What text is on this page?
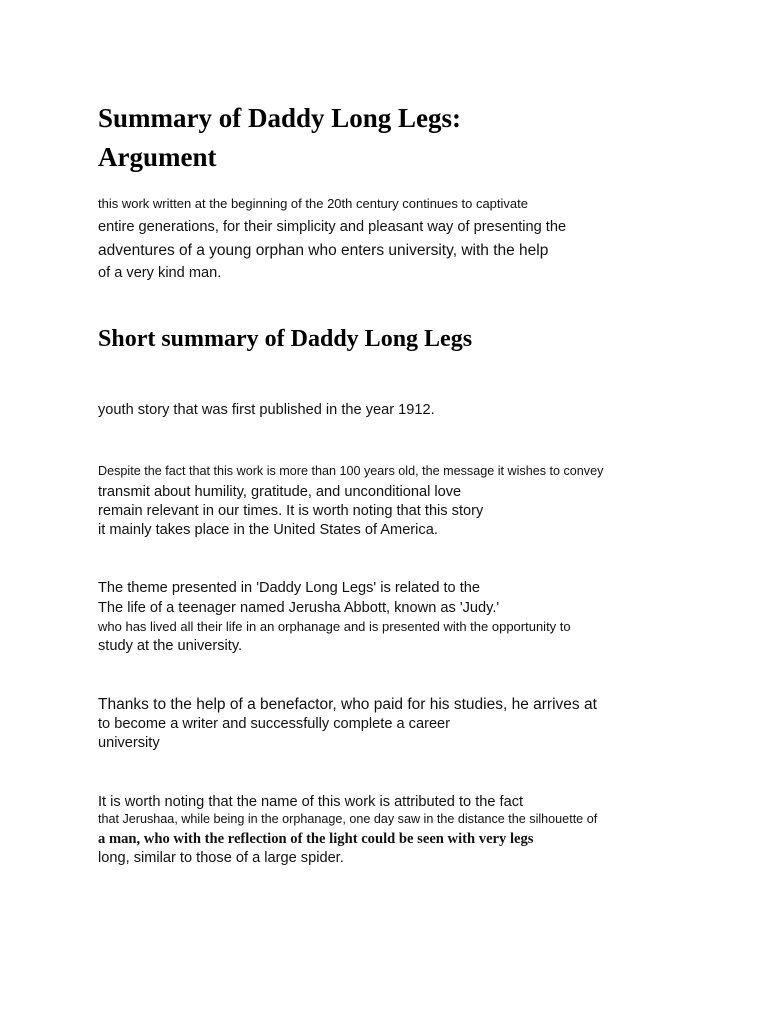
Summary of Daddy Long Legs:
Argument

this work written at the beginning of the 20th century continues to captivate

entire generations, for their simplicity and pleasant way of presenting the

adventures of a young orphan who enters university, with the help

of a very kind man.

Short summary of Daddy Long Legs

youth story that was first published in the year 1912.

Despite the fact that this work is more than 100 years old, the message it wishes to convey

transmit about humility, gratitude, and unconditional love

remain relevant in our times. It is worth noting that this story

it mainly takes place in the United States of America.

The theme presented in 'Daddy Long Legs' is related to the

The life of a teenager named Jerusha Abbott, known as 'Judy.'

who has lived all their life in an orphanage and is presented with the opportunity to

study at the university.

Thanks to the help of a benefactor, who paid for his studies, he arrives at

to become a writer and successfully complete a career

university

It is worth noting that the name of this work is attributed to the fact

that Jerushaa, while being in the orphanage, one day saw in the distance the silhouette of

a man, who with the reflection of the light could be seen with very legs

long, similar to those of a large spider.
